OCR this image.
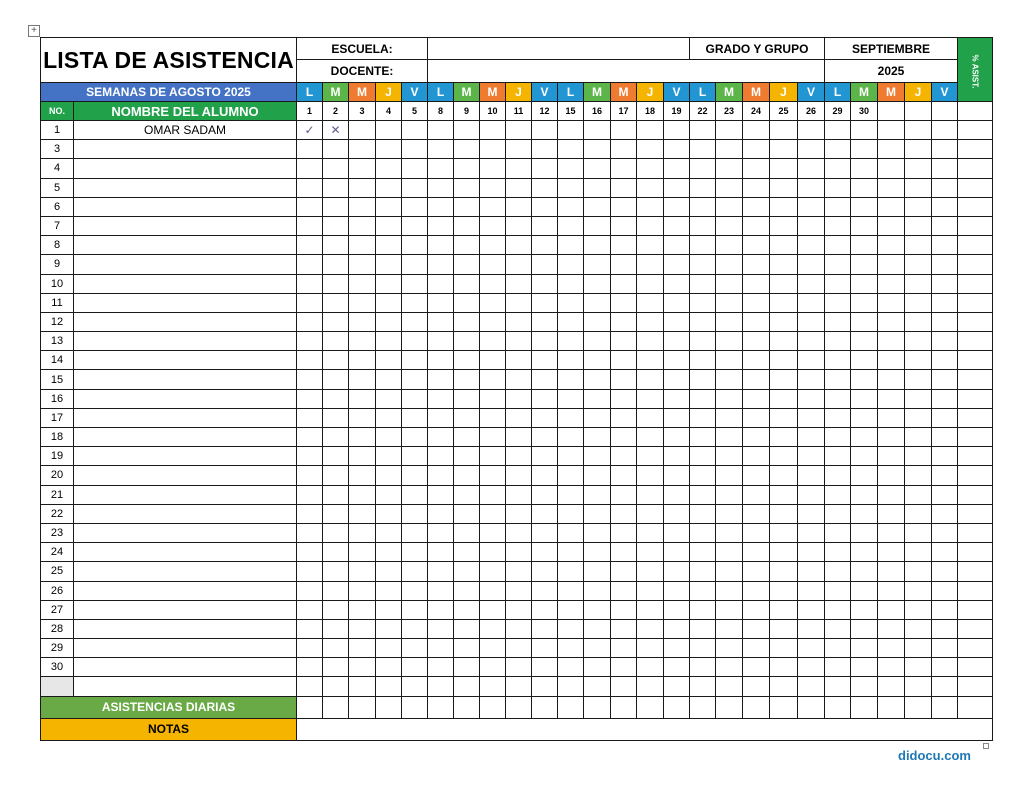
+
LISTA DE ASISTENCIA		ESCUELA:															GRADO Y GRUPO					SEPTIEMBRE					% ASIST.
		DOCENTE:																				2025					
SEMANAS DE AGOSTO 2025		L	M	M	J	V	L	M	M	J	V	L	M	M	J	V	L	M	M	J	V	L	M	M	J	V	
NO.	NOMBRE DEL ALUMNO	1	2	3	4	5	8	9	10	11	12	15	16	17	18	19	22	23	24	25	26	29	30				
1	OMAR SADAM	✓	✕																								
3																											
4																											
5																											
6																											
7																											
8																											
9																											
10																											
11																											
12																											
13																											
14																											
15																											
16																											
17																											
18																											
19																											
20																											
21																											
22																											
23																											
24																											
25																											
26																											
27																											
28																											
29																											
30																											

ASISTENCIAS DIARIAS																											
NOTAS																											
didocu.com
